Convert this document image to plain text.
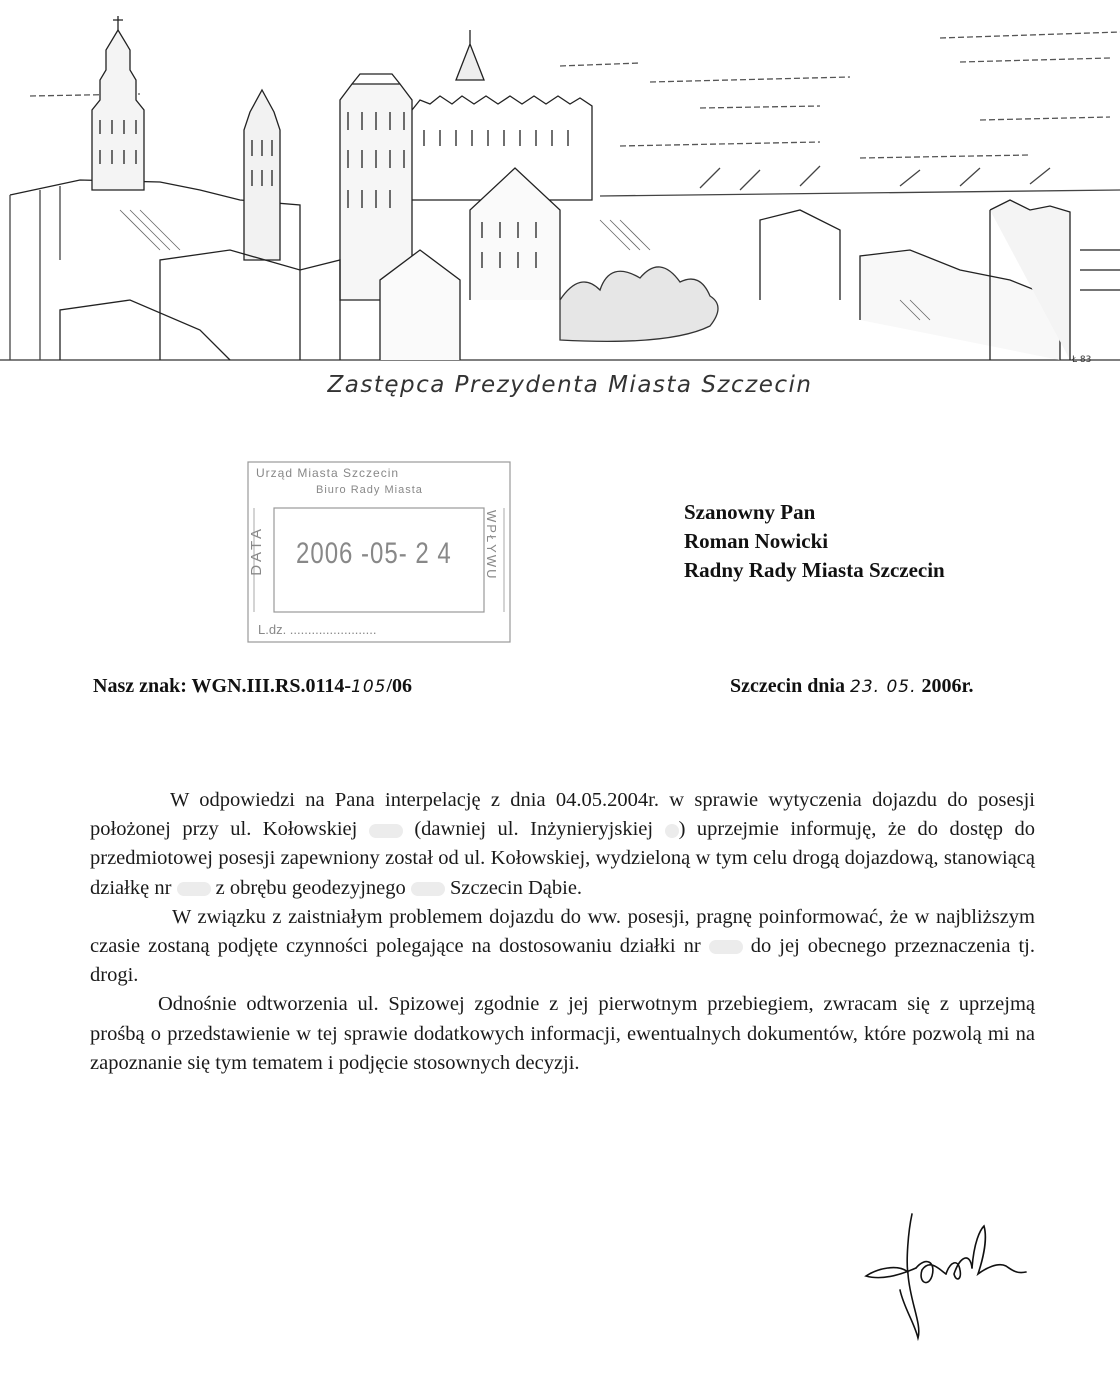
Ł 83
Zastępca Prezydenta Miasta Szczecin
Urząd Miasta Szczecin
Biuro Rady Miasta
DATA 2006 -05- 2 4 WPŁYWU
L.dz. ........................
Szanowny Pan
Roman Nowicki
Radny Rady Miasta Szczecin
Nasz znak: WGN.III.RS.0114-105/06	Szczecin dnia 23. 05. 2006r.

W odpowiedzi na Pana interpelację z dnia 04.05.2004r. w sprawie wytyczenia dojazdu do posesji położonej przy ul. Kołowskiej	(dawniej ul. Inżynieryjskiej ) uprzejmie informuję, że do dostęp do przedmiotowej posesji zapewniony został od ul. Kołowskiej, wydzieloną w tym celu drogą dojazdową, stanowiącą działkę nr z obrębu geodezyjnego Szczecin Dąbie.

W związku z zaistniałym problemem dojazdu do ww. posesji, pragnę poinformować, że w najbliższym czasie zostaną podjęte czynności polegające na dostosowaniu działki nr do jej obecnego przeznaczenia tj. drogi.

Odnośnie odtworzenia ul. Spizowej zgodnie z jej pierwotnym przebiegiem, zwracam się z uprzejmą prośbą o przedstawienie w tej sprawie dodatkowych informacji, ewentualnych dokumentów, które pozwolą mi na zapoznanie się tym tematem i podjęcie stosownych decyzji.
